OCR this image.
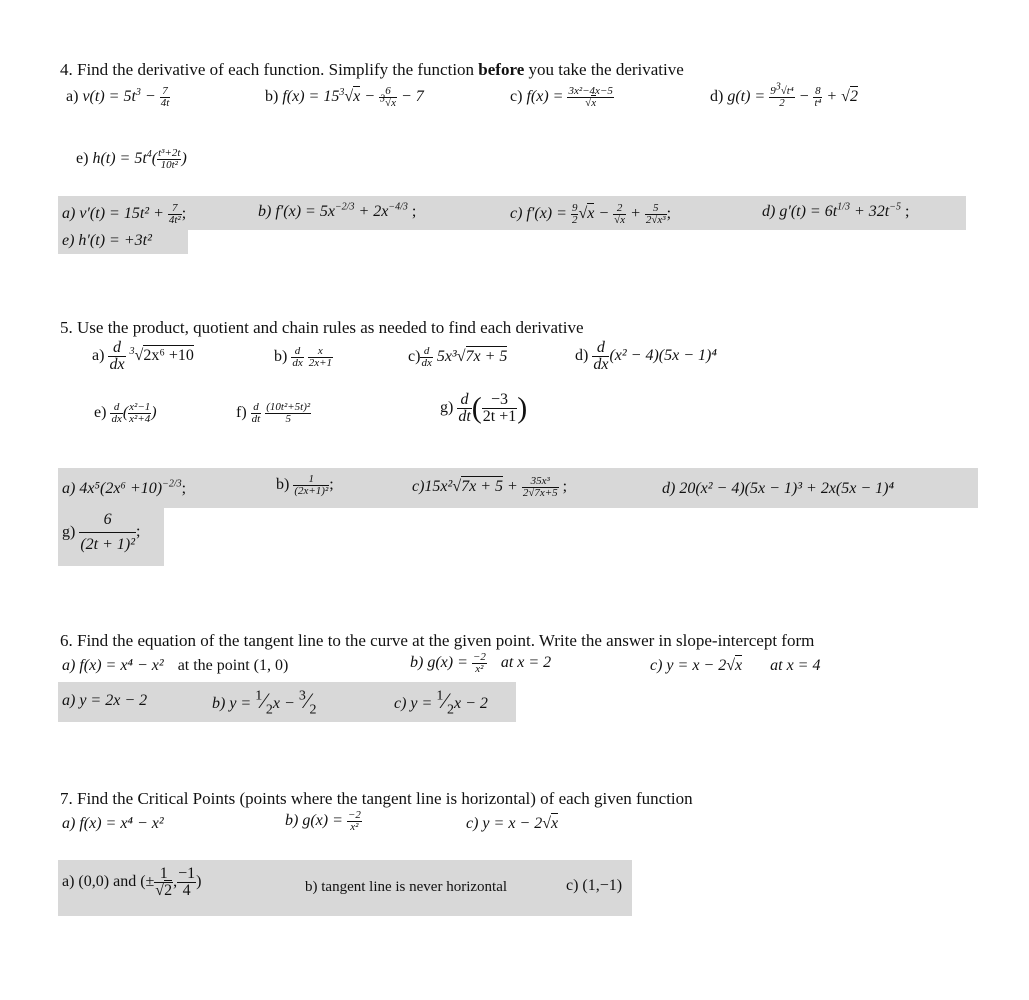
4. Find the derivative of each function. Simplify the function before you take the derivative
a) $v(t) = 5t^3 - \frac{7}{4t}$	b) $f(x) = 15^3√x - \frac{6}{^3√x} - 7$	c) $f(x) = \frac{\text{3x²−4x−5}}{√x}$	d) $g(t) = \frac{9^3√t^4}{2} - \frac{8}{\text{t⁴}} + √2$
e) $h(t) = 5t^4( \frac{\text{t³+2t}}{\text{10t²}}$ )
a) $v'(t) = 15t^2 + \frac{7}{\text{4t²}}$ ;	b) $f'(x) = 5x^{-2/3} + 2x^{-4/3}$ ;	c) $f'(x) = \frac{9}{2} √x - \frac{2}{√x} + \frac{5}{\text{2√x³}}$ ;	d) $g'(t) = 6t^{1/3} + 32t^{-5}$ ;
e) h′(t) = +3t²
5. Use the product, quotient and chain rules as needed to find each derivative
$a) \frac{d}{dx} ^3√2x^6 +10$	$b) \frac{d}{dx}$
$\frac{x}{2x+1}$	$c) \frac{d}{dx} 5x^3√7x + 5$	$d) \frac{d}{dx} (x^2 - 4)(5x - 1)^4$
$e) \frac{d}{dx}$ ( $\frac{\text{x²−1}}{\text{x²+4}}$ )	$f) \frac{d}{dt}$
$\frac{\text{(10t²+5t)²}}{5}$	$g) \frac{d}{dt}$ ( $\frac{-3}{2t +1}$ )
a) $4x^5(2x^6 +10)^{-2/3}$;	$b) \frac{1}{\text{(2x+1)²}}$ ;	$c)15x^2√7x + 5 + \frac{\text{35x³}}{2√7x+5}$ ;	d) 20(x² − 4)(5x − 1)³ + 2x(5x − 1)⁴
$g) \frac{6}{\text{(2t + 1)²}}$ ;
6. Find the equation of the tangent line to the curve at the given point. Write the answer in slope-intercept form
a) f(x) = x⁴ − x² at the point (1, 0)	b) $g(x) = \frac{-2}{\text{x²}}$ at x = 2	c) y = x − 2√x at x = 4
a) y = 2x − 2	b) $y = ^1⁄_2x$ − $^3⁄_2$	c) $y = ^1⁄_2x - 2$
7. Find the Critical Points (points where the tangent line is horizontal) of each given function
a) f(x) = x⁴ − x²	b) $g(x) = \frac{-2}{\text{x²}}$	c) y = x − 2√x
a) (0,0) and (± $\frac{1}{√2}$ , $\frac{-1}{4}$ )	b) tangent line is never horizontal	c) (1,−1)
